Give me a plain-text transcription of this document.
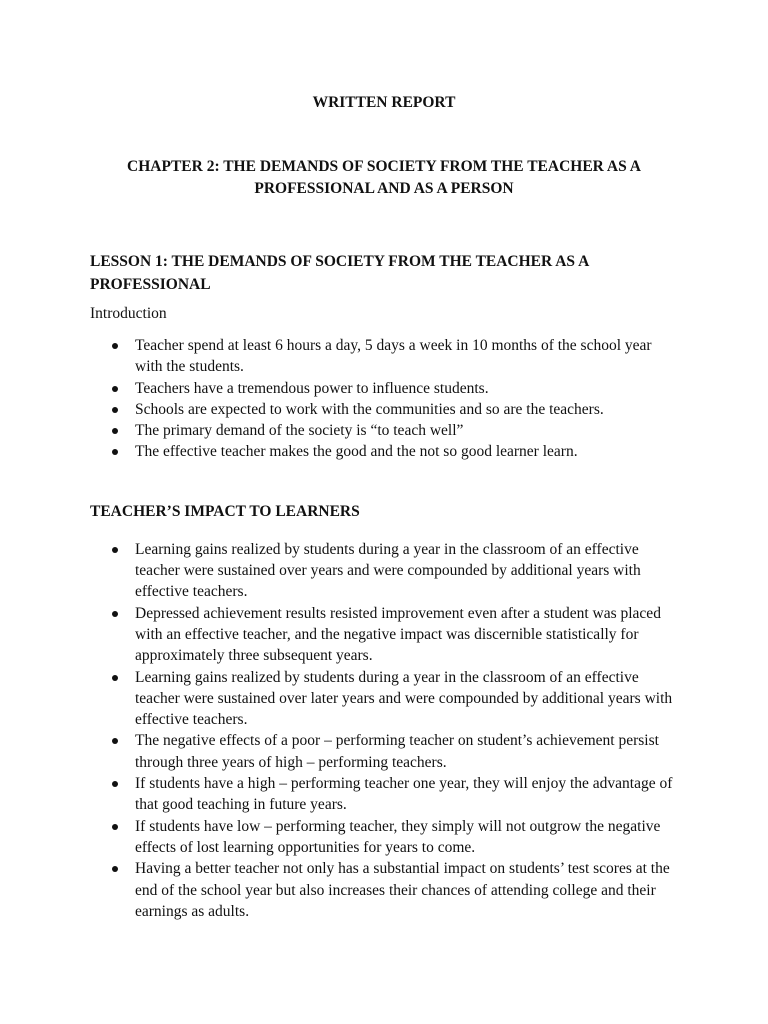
WRITTEN REPORT

CHAPTER 2: THE DEMANDS OF SOCIETY FROM THE TEACHER AS A
PROFESSIONAL AND AS A PERSON

LESSON 1: THE DEMANDS OF SOCIETY FROM THE TEACHER AS A
PROFESSIONAL

Introduction

Teacher spend at least 6 hours a day, 5 days a week in 10 months of the school year with the students.
Teachers have a tremendous power to influence students.
Schools are expected to work with the communities and so are the teachers.
The primary demand of the society is “to teach well”
The effective teacher makes the good and the not so good learner learn.

TEACHER’S IMPACT TO LEARNERS

Learning gains realized by students during a year in the classroom of an effective teacher were sustained over years and were compounded by additional years with effective teachers.
Depressed achievement results resisted improvement even after a student was placed with an effective teacher, and the negative impact was discernible statistically for approximately three subsequent years.
Learning gains realized by students during a year in the classroom of an effective teacher were sustained over later years and were compounded by additional years with effective teachers.
The negative effects of a poor – performing teacher on student’s achievement persist through three years of high – performing teachers.
If students have a high – performing teacher one year, they will enjoy the advantage of that good teaching in future years.
If students have low – performing teacher, they simply will not outgrow the negative effects of lost learning opportunities for years to come.
Having a better teacher not only has a substantial impact on students’ test scores at the end of the school year but also increases their chances of attending college and their earnings as adults.
